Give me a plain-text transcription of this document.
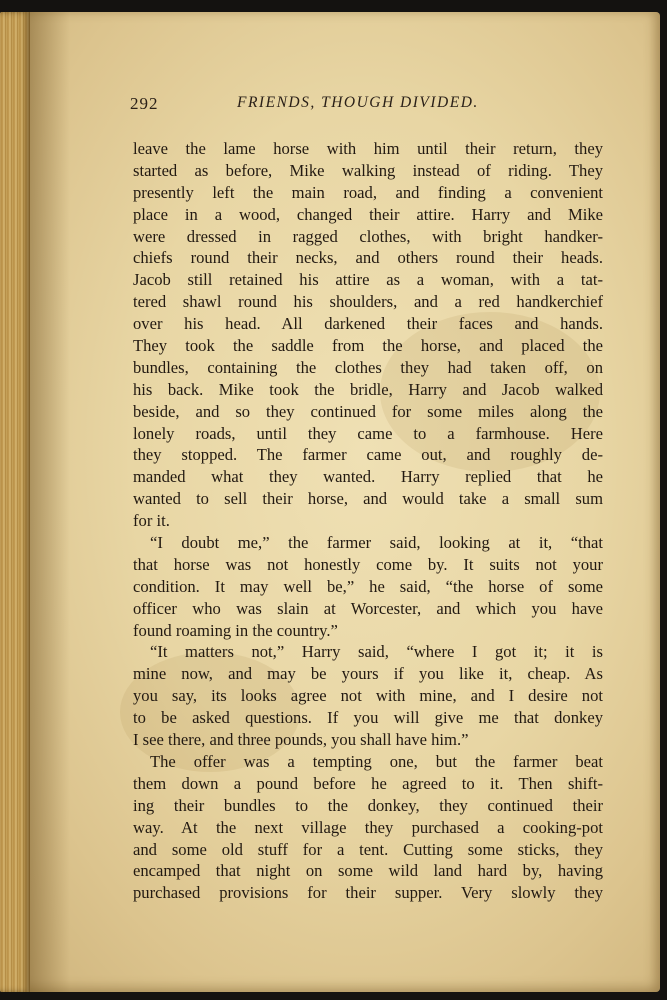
292	FRIENDS, THOUGH DIVIDED.
leave the lame horse with him until their return, they
started as before, Mike walking instead of riding. They
presently left the main road, and finding a convenient
place in a wood, changed their attire. Harry and Mike
were dressed in ragged clothes, with bright handker-
chiefs round their necks, and others round their heads.
Jacob still retained his attire as a woman, with a tat-
tered shawl round his shoulders, and a red handkerchief
over his head. All darkened their faces and hands.
They took the saddle from the horse, and placed the
bundles, containing the clothes they had taken off, on
his back. Mike took the bridle, Harry and Jacob walked
beside, and so they continued for some miles along the
lonely roads, until they came to a farmhouse. Here
they stopped. The farmer came out, and roughly de-
manded what they wanted. Harry replied that he
wanted to sell their horse, and would take a small sum
for it.
“I doubt me,” the farmer said, looking at it, “that
that horse was not honestly come by. It suits not your
condition. It may well be,” he said, “the horse of some
officer who was slain at Worcester, and which you have
found roaming in the country.”
“It matters not,” Harry said, “where I got it; it is
mine now, and may be yours if you like it, cheap. As
you say, its looks agree not with mine, and I desire not
to be asked questions. If you will give me that donkey
I see there, and three pounds, you shall have him.”
The offer was a tempting one, but the farmer beat
them down a pound before he agreed to it. Then shift-
ing their bundles to the donkey, they continued their
way. At the next village they purchased a cooking-pot
and some old stuff for a tent. Cutting some sticks, they
encamped that night on some wild land hard by, having
purchased provisions for their supper. Very slowly they
